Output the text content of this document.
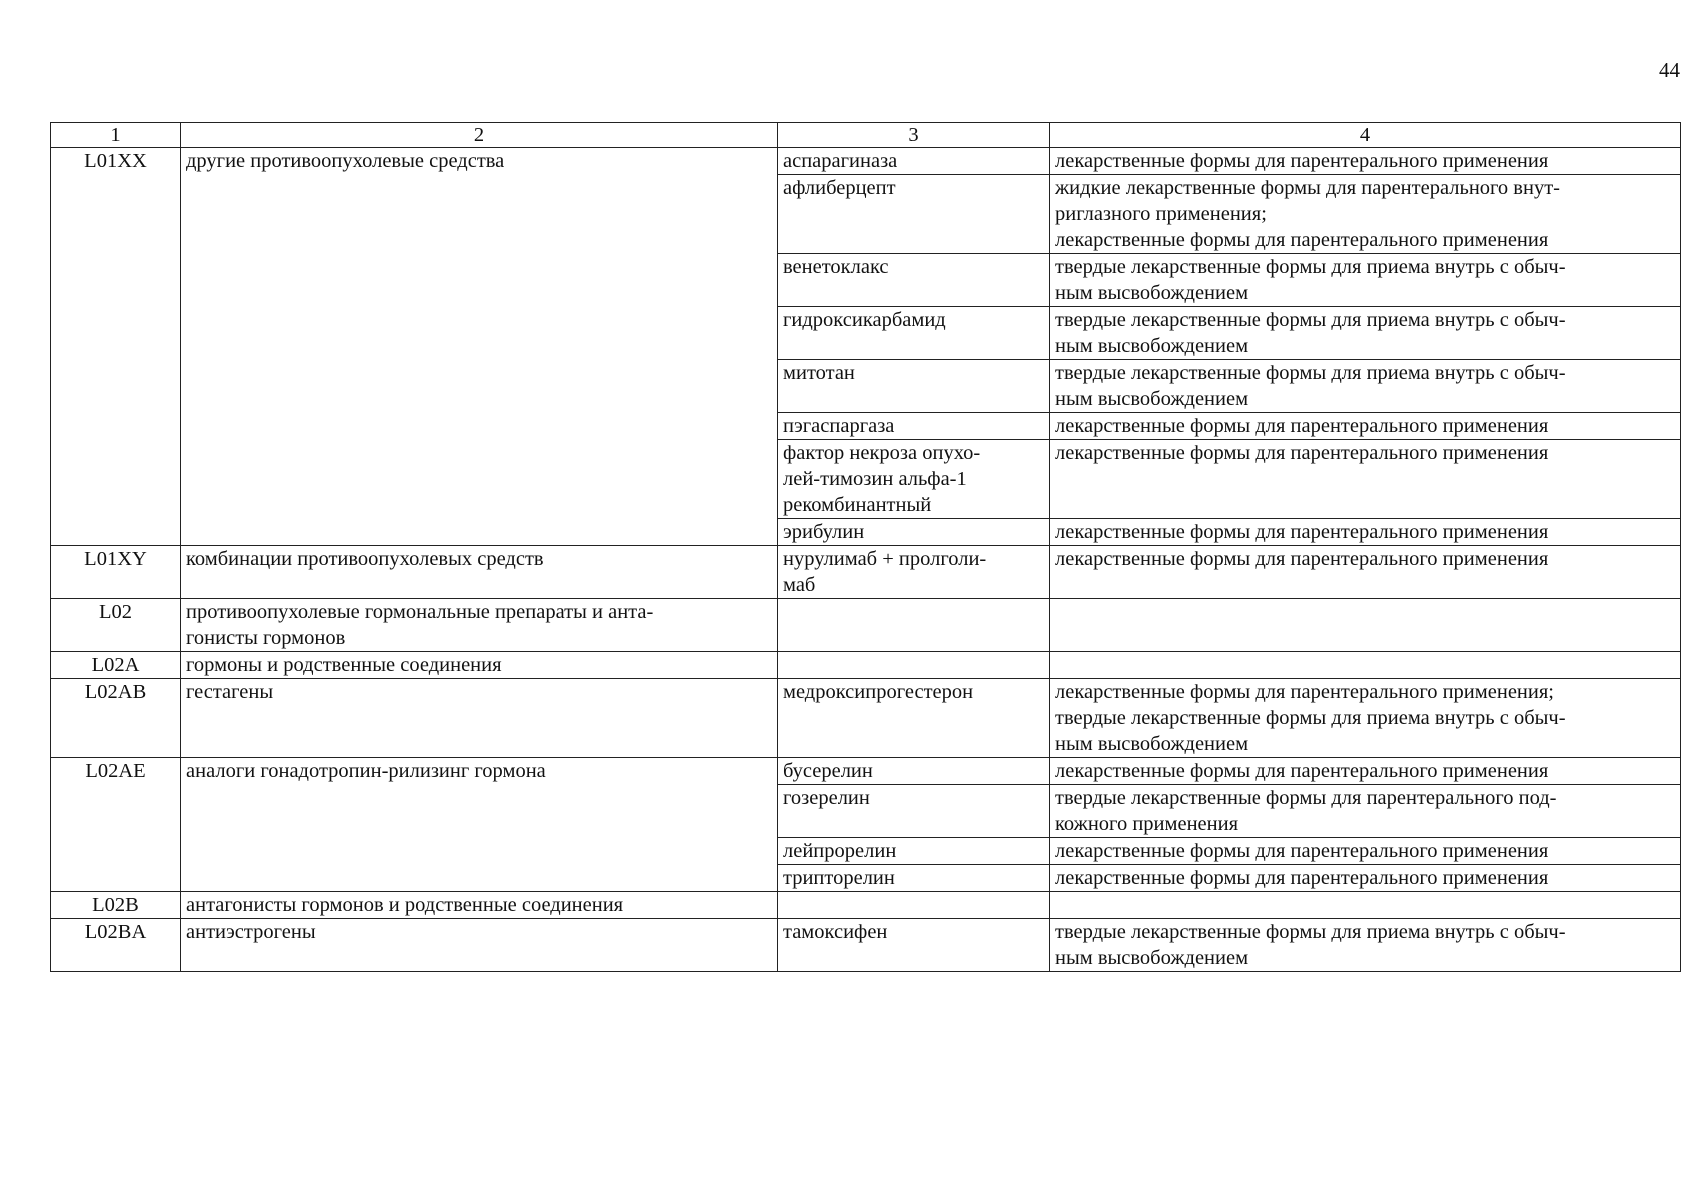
44
1	2	3	4
L01XX	другие противоопухолевые средства	аспарагиназа	лекарственные формы для парентерального применения

		афлиберцепт	жидкие лекарственные формы для парентерального внут-
риглазного применения;
лекарственные формы для парентерального применения

		венетоклакс	твердые лекарственные формы для приема внутрь с обыч-
ным высвобождением

		гидроксикарбамид	твердые лекарственные формы для приема внутрь с обыч-
ным высвобождением

		митотан	твердые лекарственные формы для приема внутрь с обыч-
ным высвобождением

		пэгаспаргаза	лекарственные формы для парентерального применения

		фактор некроза опухо-
лей-тимозин альфа-1
рекомбинантный	лекарственные формы для парентерального применения

		эрибулин	лекарственные формы для парентерального применения

L01XY	комбинации противоопухолевых средств	нурулимаб + пролголи-
маб	лекарственные формы для парентерального применения

L02	противоопухолевые гормональные препараты и анта-
гонисты гормонов		
L02A	гормоны и родственные соединения		
L02AB	гестагены	медроксипрогестерон	лекарственные формы для парентерального применения;
твердые лекарственные формы для приема внутрь с обыч-
ным высвобождением

L02AE	аналоги гонадотропин-рилизинг гормона	бусерелин	лекарственные формы для парентерального применения

		гозерелин	твердые лекарственные формы для парентерального под-
кожного применения

		лейпрорелин	лекарственные формы для парентерального применения

		трипторелин	лекарственные формы для парентерального применения

L02B	антагонисты гормонов и родственные соединения		
L02BA	антиэстрогены	тамоксифен	твердые лекарственные формы для приема внутрь с обыч-
ным высвобождением
